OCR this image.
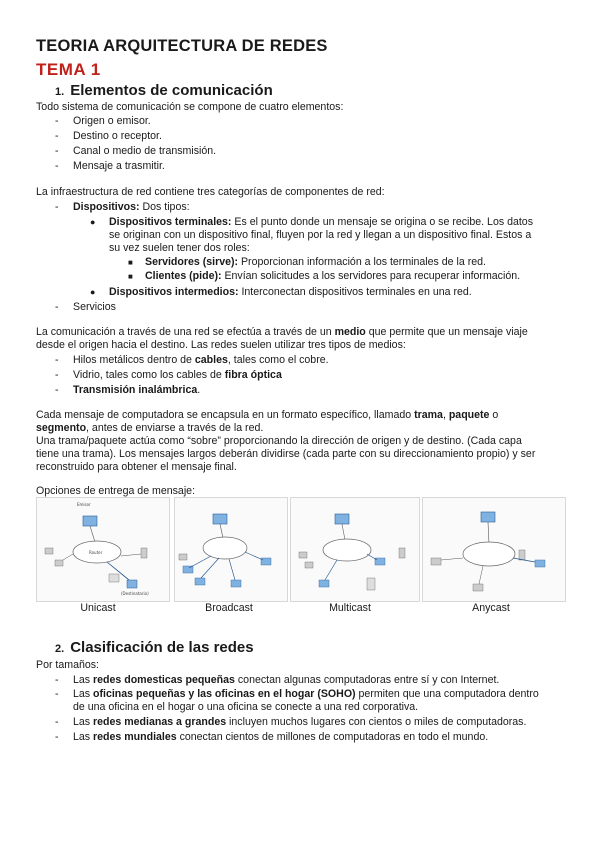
TEORIA ARQUITECTURA DE REDES
TEMA 1
1. Elementos de comunicación
Todo sistema de comunicación se compone de cuatro elementos:
- Origen o emisor.
- Destino o receptor.
- Canal o medio de transmisión.
- Mensaje a trasmitir.
La infraestructura de red contiene tres categorías de componentes de red:
- Dispositivos: Dos tipos:
● Dispositivos terminales: Es el punto donde un mensaje se origina o se recibe. Los datos
se originan con un dispositivo final, fluyen por la red y llegan a un dispositivo final. Estos a
su vez suelen tener dos roles:
■ Servidores (sirve): Proporcionan información a los terminales de la red.
■ Clientes (pide): Envían solicitudes a los servidores para recuperar información.
● Dispositivos intermedios: Interconectan dispositivos terminales en una red.
- Servicios
La comunicación a través de una red se efectúa a través de un medio que permite que un mensaje viaje
desde el origen hacia el destino. Las redes suelen utilizar tres tipos de medios:
- Hilos metálicos dentro de cables, tales como el cobre.
- Vidrio, tales como los cables de fibra óptica
- Transmisión inalámbrica.
Cada mensaje de computadora se encapsula en un formato específico, llamado trama, paquete o
segmento, antes de enviarse a través de la red.
Una trama/paquete actúa como “sobre” proporcionando la dirección de origen y de destino. (Cada capa
tiene una trama). Los mensajes largos deberán dividirse (cada parte con su direccionamiento propio) y ser
reconstruido para obtener el mensaje final.
Opciones de entrega de mensaje:
Emisor
Router
(Destinatario)
Unicast	Broadcast	Multicast	Anycast
2. Clasificación de las redes
Por tamaños:
- Las redes domesticas pequeñas conectan algunas computadoras entre sí y con Internet.
- Las oficinas pequeñas y las oficinas en el hogar (SOHO) permiten que una computadora dentro
de una oficina en el hogar o una oficina se conecte a una red corporativa.
- Las redes medianas a grandes incluyen muchos lugares con cientos o miles de computadoras.
- Las redes mundiales conectan cientos de millones de computadoras en todo el mundo.
